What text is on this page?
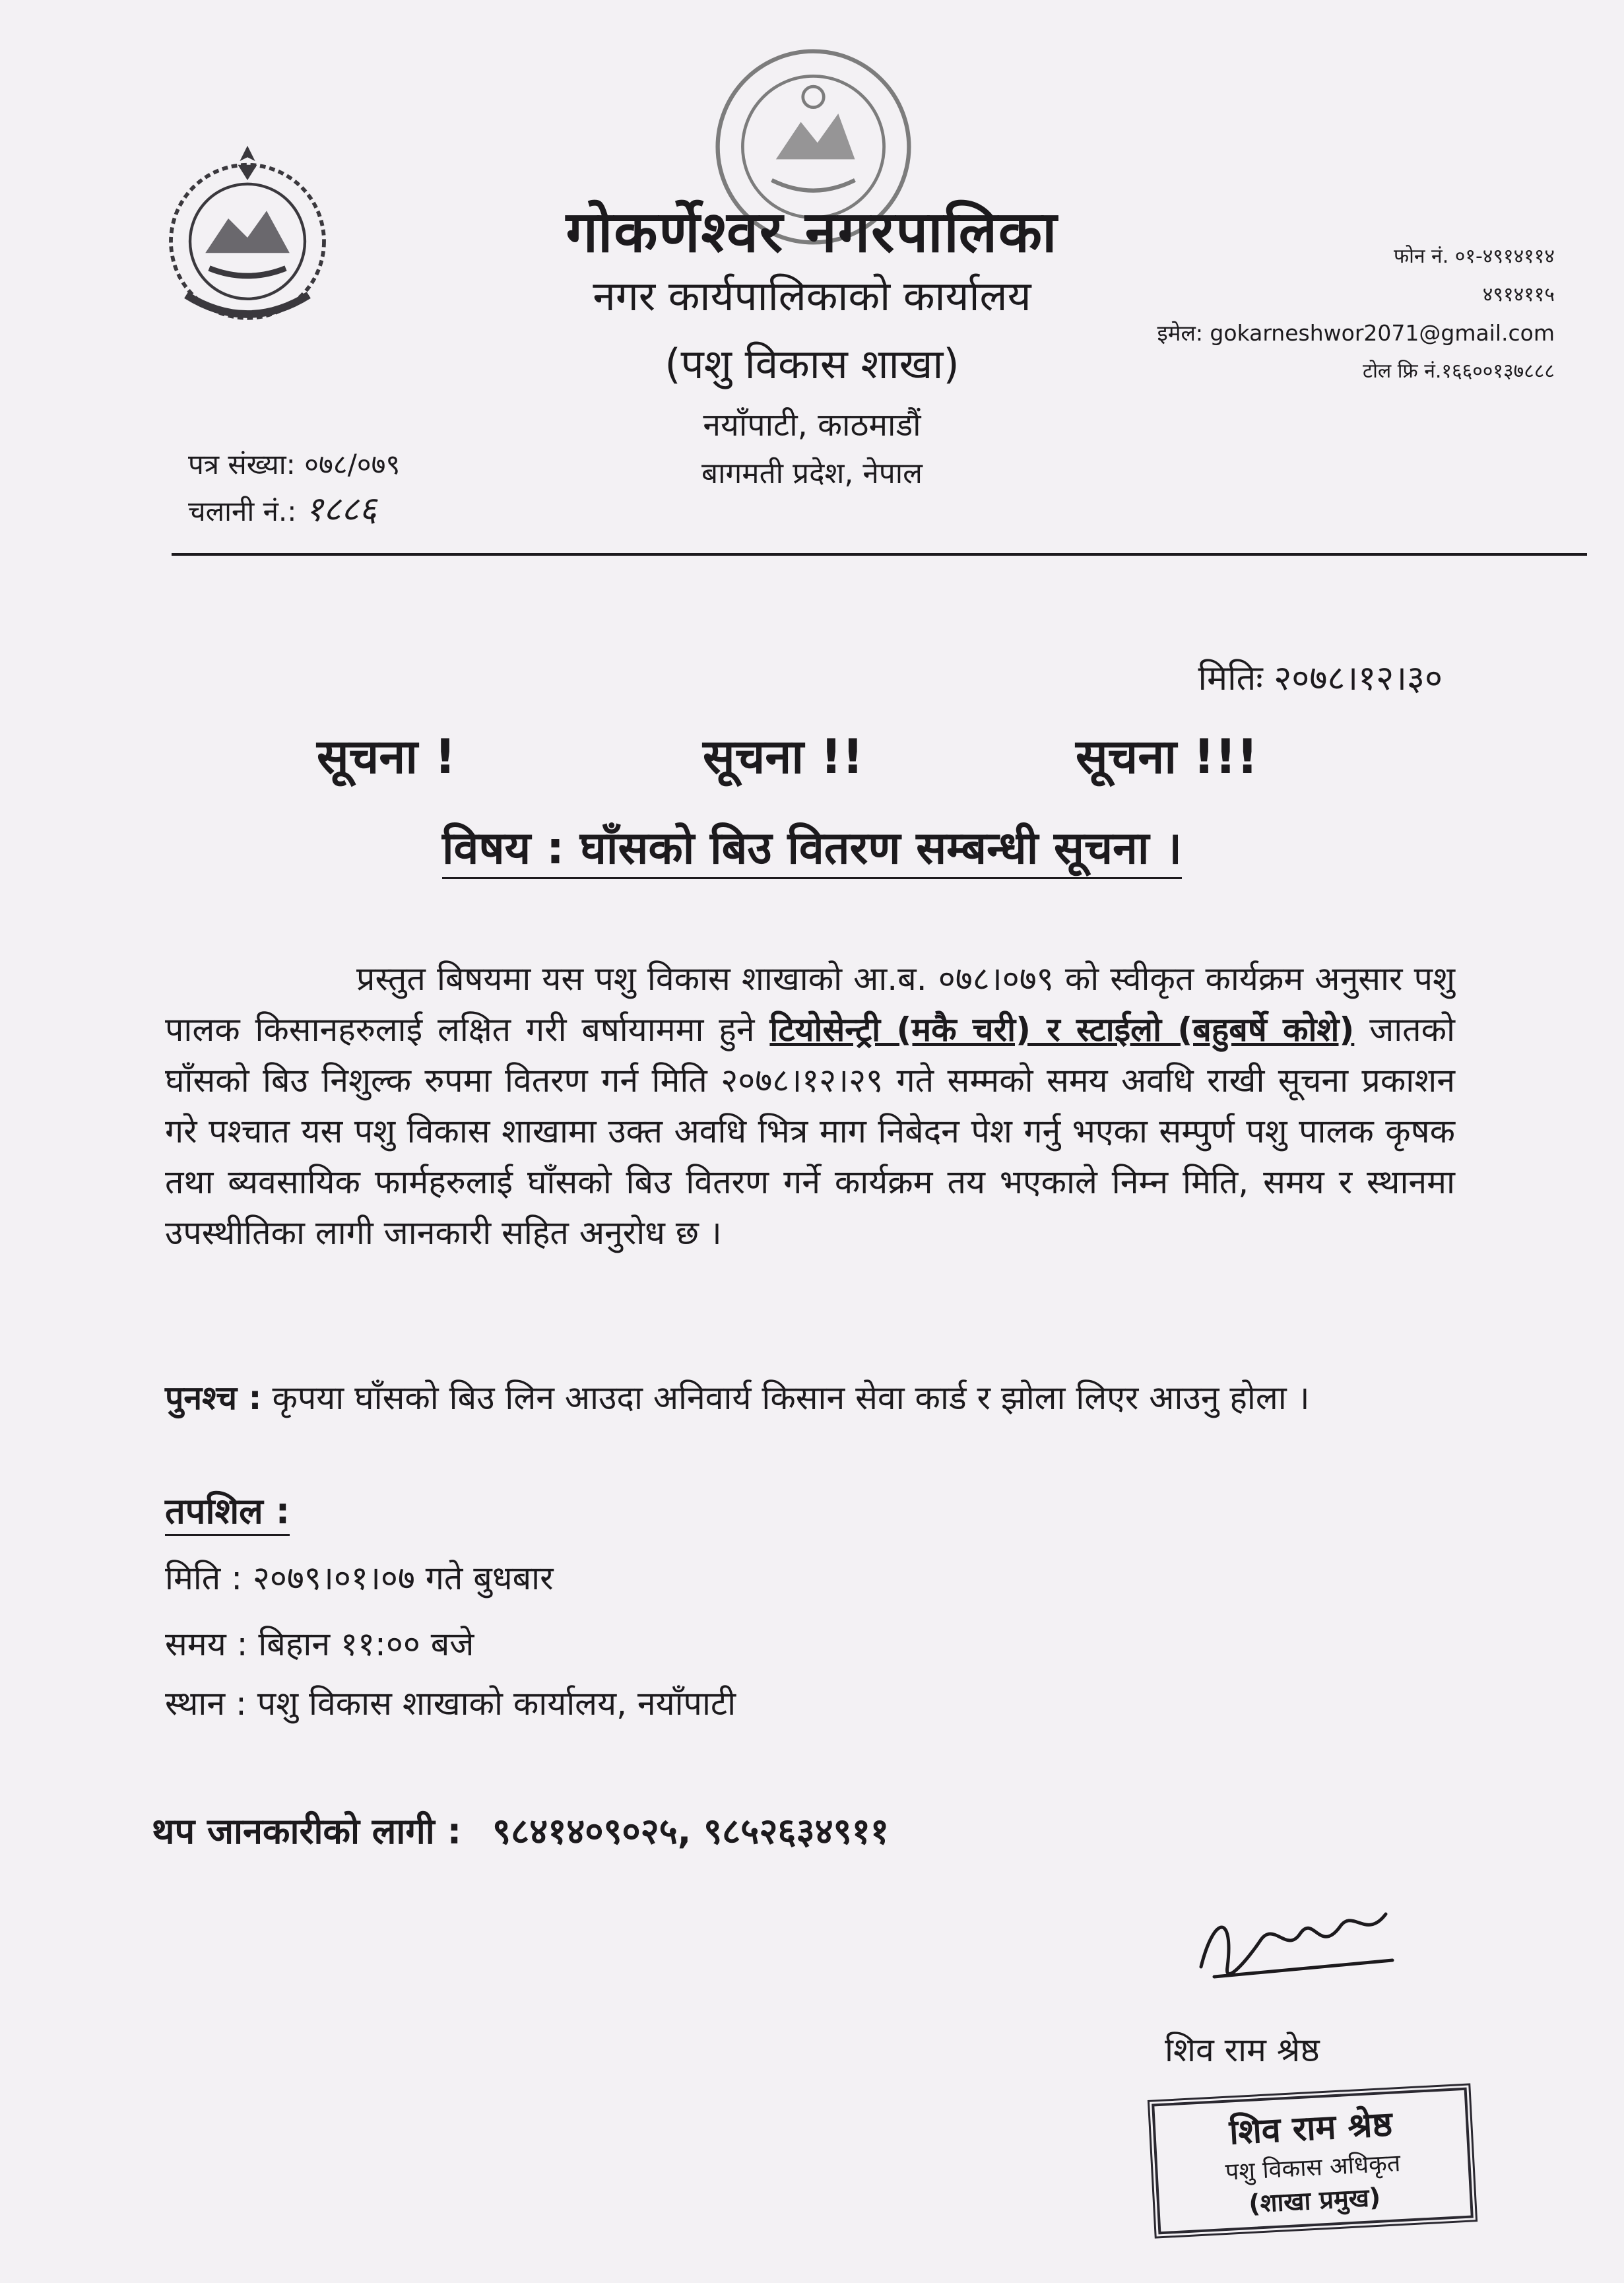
गोकर्णेश्वर नगरपालिका
नगर कार्यपालिकाको कार्यालय
(पशु विकास शाखा)
नयाँपाटी, काठमाडौं
बागमती प्रदेश, नेपाल
फोन नं. ०१-४९१४११४
४९१४११५
इमेल: gokarneshwor2071@gmail.com
टोल फ्रि नं.१६६००१३७८८८
पत्र संख्या: ०७८/०७९
चलानी नं.: १८८६
मितिः २०७८।१२।३०
सूचना !	सूचना !!	सूचना !!!
विषय : घाँसको बिउ वितरण सम्बन्धी सूचना ।
प्रस्तुत बिषयमा यस पशु विकास शाखाको आ.ब. ०७८।०७९ को स्वीकृत कार्यक्रम अनुसार पशु पालक किसानहरुलाई लक्षित गरी बर्षायाममा हुने टियोसेन्ट्री (मकै चरी) र स्टाईलो (बहुबर्षे कोशे) जातको घाँसको बिउ निशुल्क रुपमा वितरण गर्न मिति २०७८।१२।२९ गते सम्मको समय अवधि राखी सूचना प्रकाशन गरे पश्चात यस पशु विकास शाखामा उक्त अवधि भित्र माग निबेदन पेश गर्नु भएका सम्पुर्ण पशु पालक कृषक तथा ब्यवसायिक फार्महरुलाई घाँसको बिउ वितरण गर्ने कार्यक्रम तय भएकाले निम्न मिति, समय र स्थानमा उपस्थीतिका लागी जानकारी सहित अनुरोध छ ।
पुनश्च : कृपया घाँसको बिउ लिन आउदा अनिवार्य किसान सेवा कार्ड र झोला लिएर आउनु होला ।
तपशिल :
मिति : २०७९।०१।०७ गते बुधबार
समय : बिहान ११:०० बजे
स्थान : पशु विकास शाखाको कार्यालय, नयाँपाटी
थप जानकारीको लागी : ९८४१४०९०२५, ९८५२६३४९११
शिव राम श्रेष्ठ
शिव राम श्रेष्ठ
पशु विकास अधिकृत
(शाखा प्रमुख)
